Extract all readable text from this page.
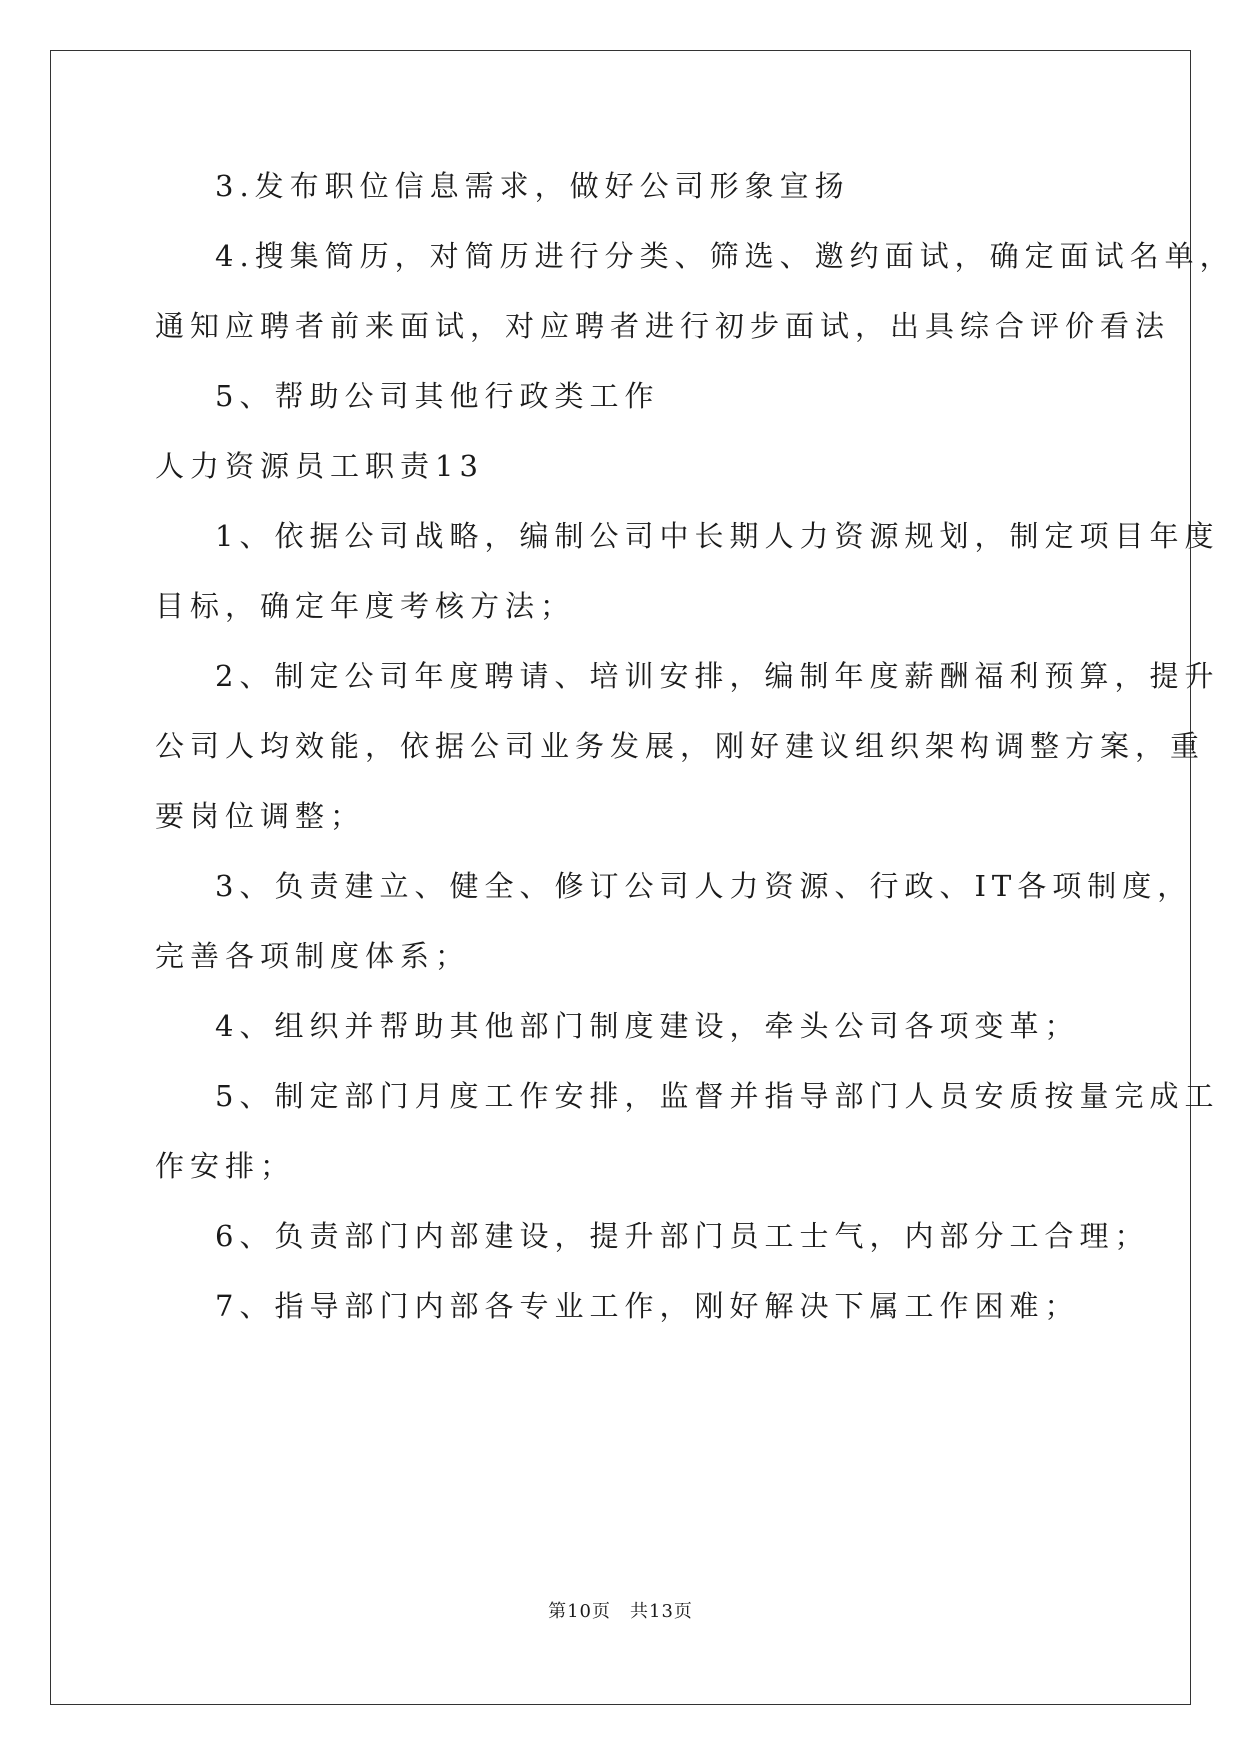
3.发布职位信息需求，做好公司形象宣扬
4.搜集简历，对简历进行分类、筛选、邀约面试，确定面试名单，
通知应聘者前来面试，对应聘者进行初步面试，出具综合评价看法
5、帮助公司其他行政类工作
人力资源员工职责13
1、依据公司战略，编制公司中长期人力资源规划，制定项目年度
目标，确定年度考核方法；
2、制定公司年度聘请、培训安排，编制年度薪酬福利预算，提升
公司人均效能，依据公司业务发展，刚好建议组织架构调整方案，重
要岗位调整；
3、负责建立、健全、修订公司人力资源、行政、IT各项制度，
完善各项制度体系；
4、组织并帮助其他部门制度建设，牵头公司各项变革；
5、制定部门月度工作安排，监督并指导部门人员安质按量完成工
作安排；
6、负责部门内部建设，提升部门员工士气，内部分工合理；
7、指导部门内部各专业工作，刚好解决下属工作困难；
第10页　共13页
